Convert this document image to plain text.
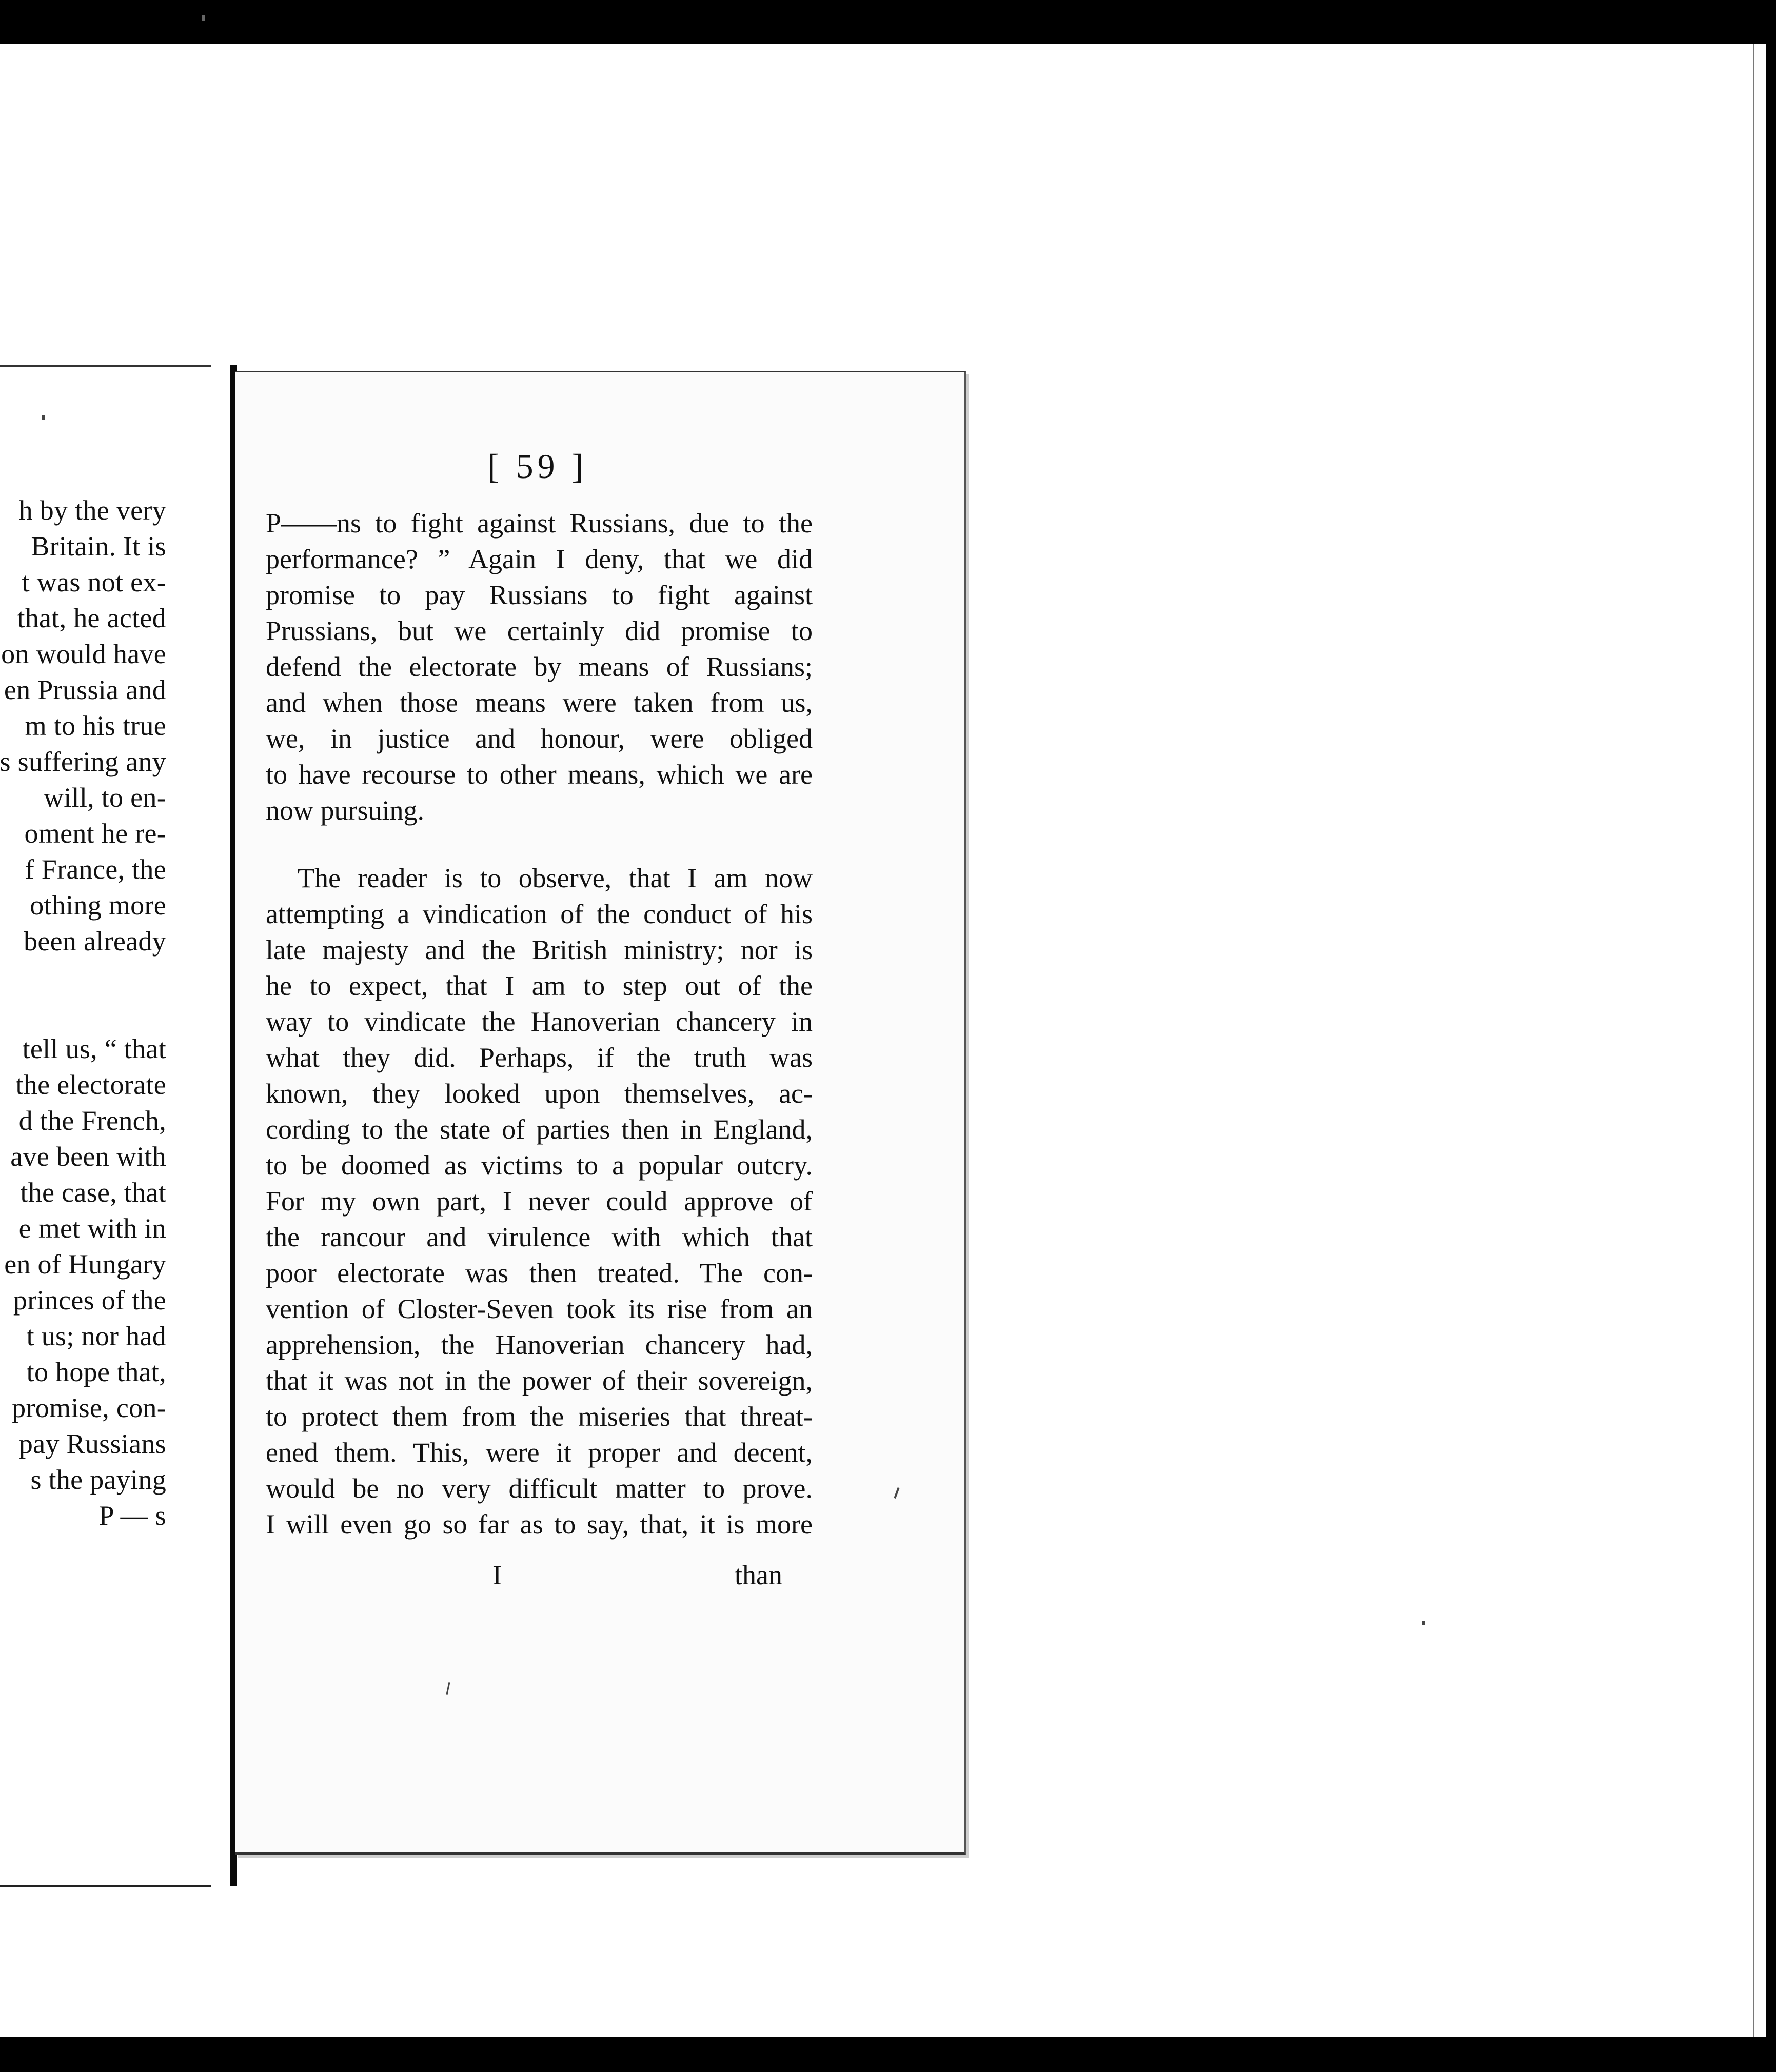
h by the very
Britain. It is
t was not ex-
that, he acted
on would have
en Prussia and
m to his true
s suffering any
will, to en-
oment he re-
f France, the
othing more
been already
tell us, “ that
the electorate
d the French,
ave been with
the case, that
e met with in
en of Hungary
princes of the
t us; nor had
to hope that,
promise, con-
pay Russians
s the paying
P — s
[ 59 ]
P——ns to fight against Russians, due to the
performance? ” Again I deny, that we did
promise to pay Russians to fight against
Prussians, but we certainly did promise to
defend the electorate by means of Russians;
and when those means were taken from us,
we, in justice and honour, were obliged
to have recourse to other means, which we are
now pursuing.
The reader is to observe, that I am now
attempting a vindication of the conduct of his
late majesty and the British ministry; nor is
he to expect, that I am to step out of the
way to vindicate the Hanoverian chancery in
what they did. Perhaps, if the truth was
known, they looked upon themselves, ac-
cording to the state of parties then in England,
to be doomed as victims to a popular outcry.
For my own part, I never could approve of
the rancour and virulence with which that
poor electorate was then treated. The con-
vention of Closter-Seven took its rise from an
apprehension, the Hanoverian chancery had,
that it was not in the power of their sovereign,
to protect them from the miseries that threat-
ened them. This, were it proper and decent,
would be no very difficult matter to prove.
I will even go so far as to say, that, it is more
I	than
